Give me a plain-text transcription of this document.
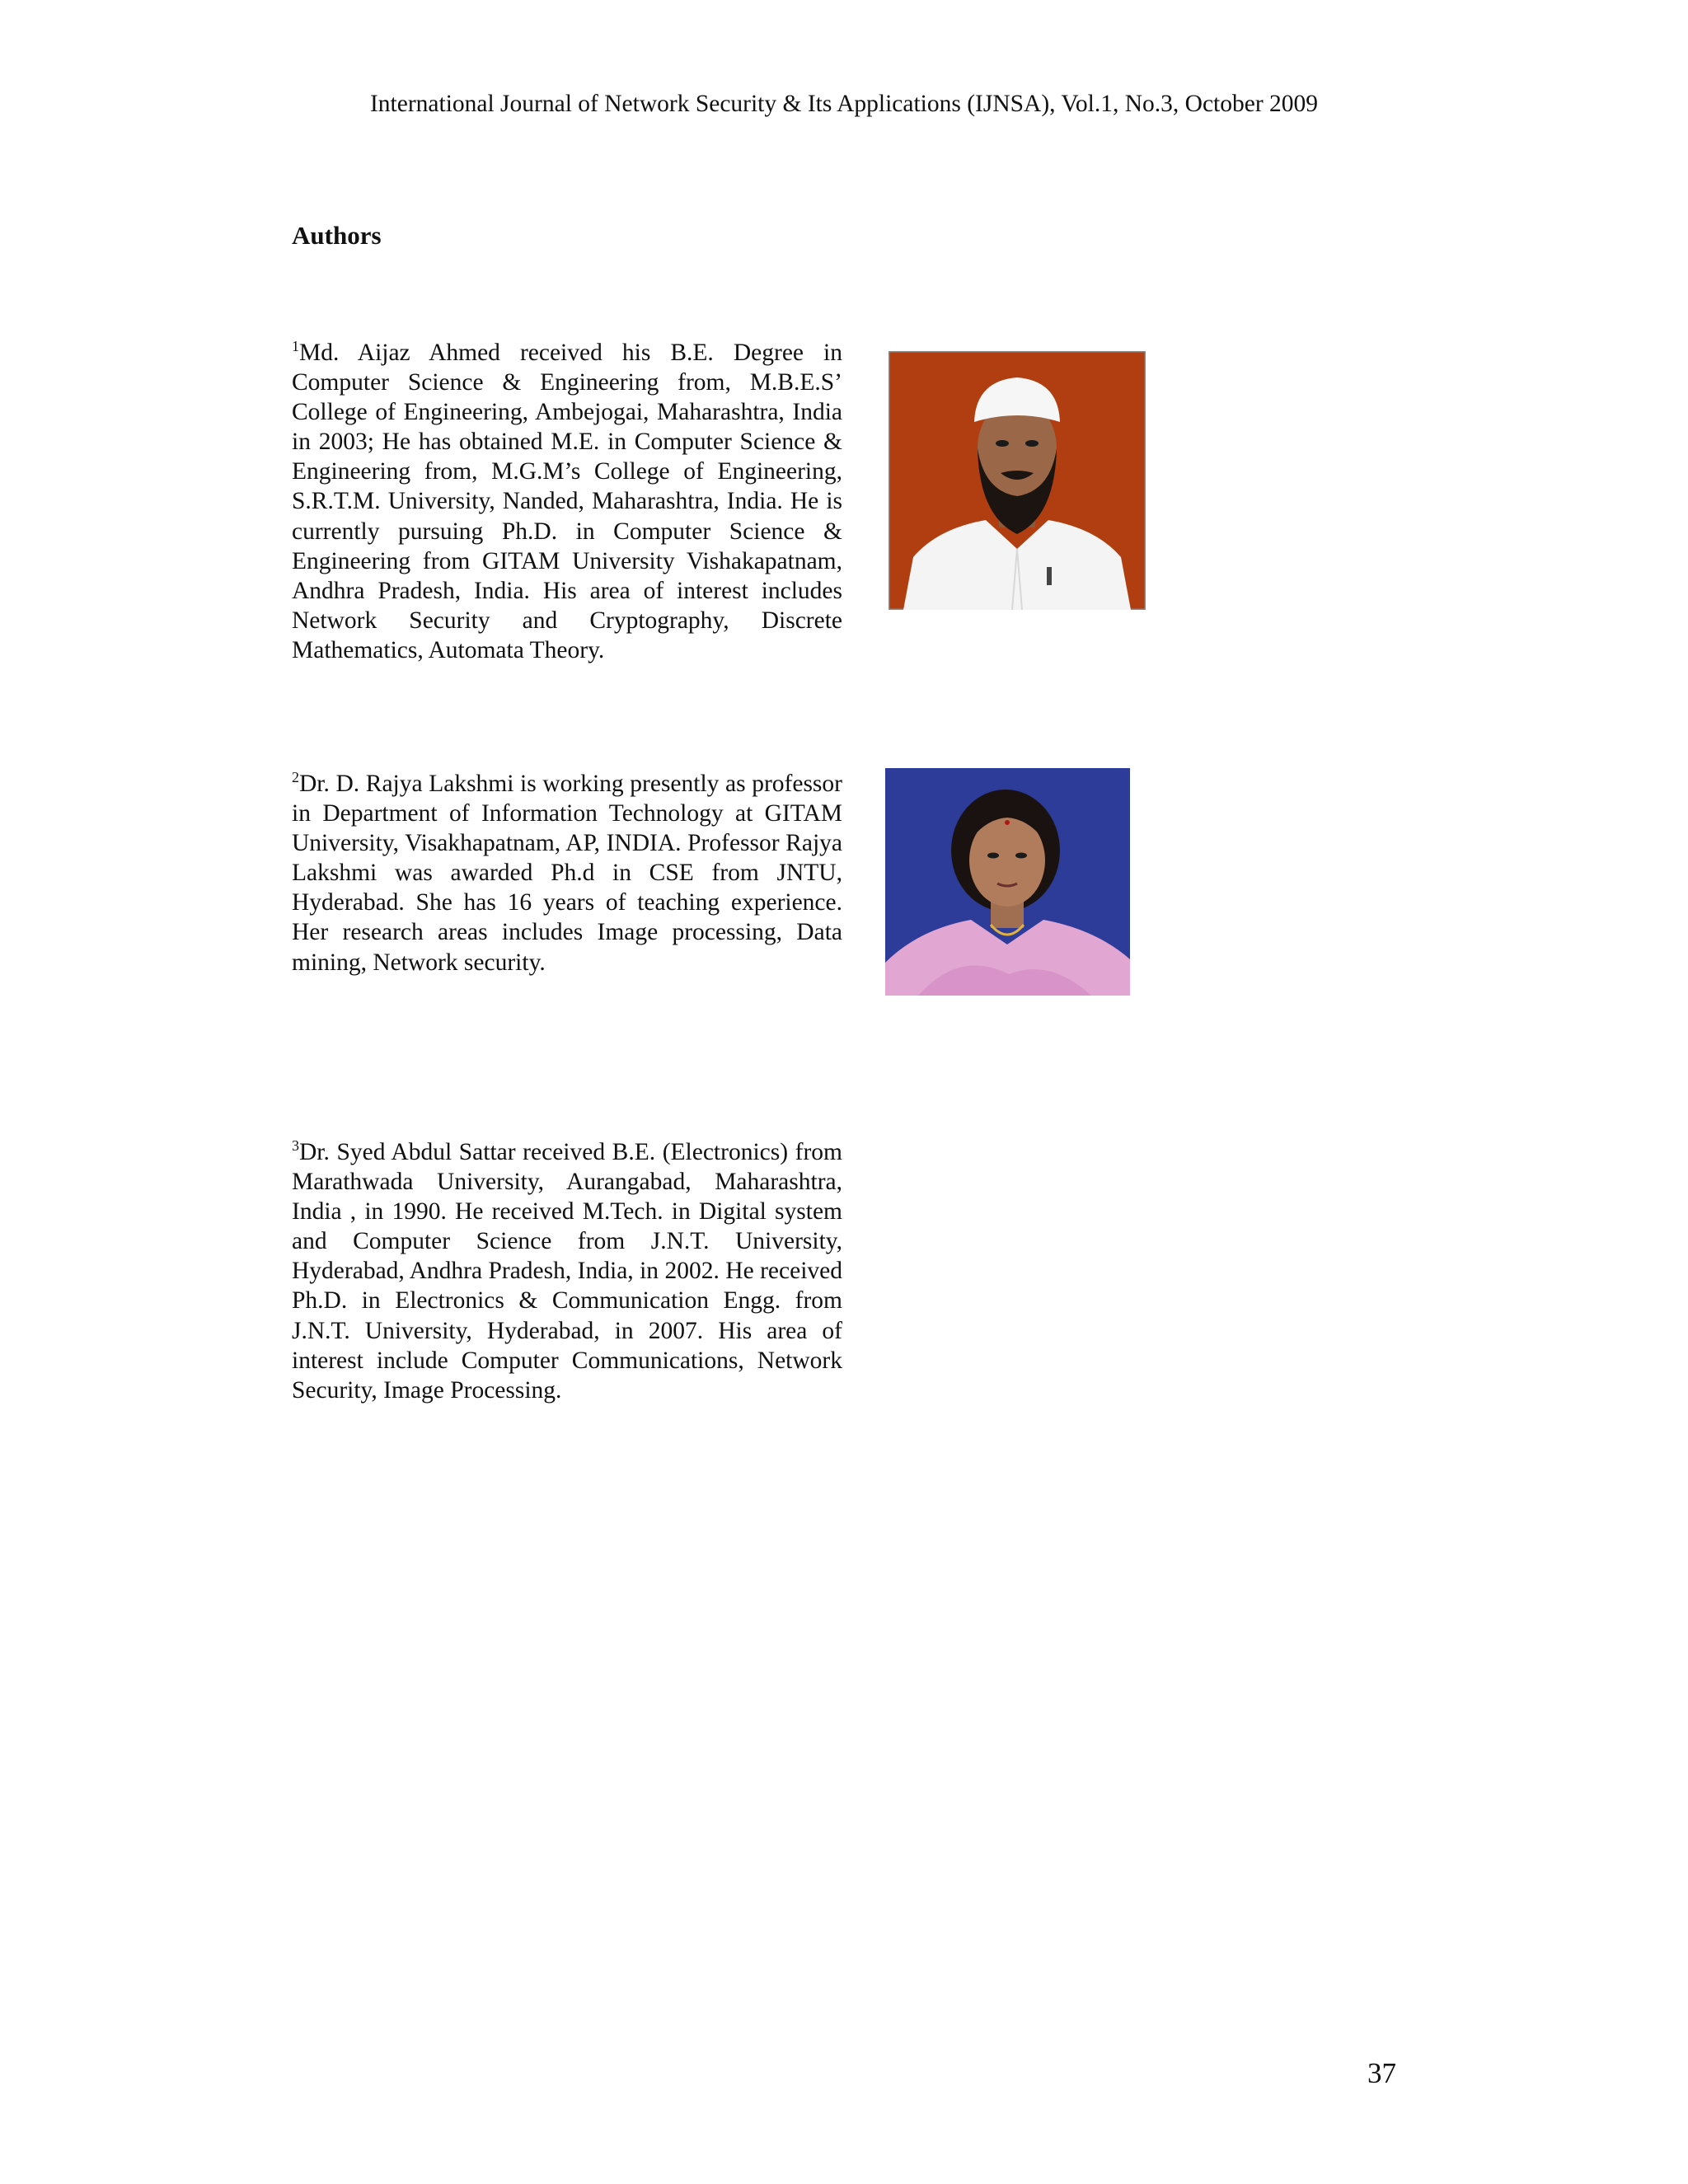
International Journal of Network Security & Its Applications (IJNSA), Vol.1, No.3, October 2009

Authors

$^1$Md. Aijaz Ahmed received his B.E. Degree in Computer Science & Engineering from, M.B.E.S’ College of Engineering, Ambejogai, Maharashtra, India in 2003; He has obtained M.E. in Computer Science & Engineering from, M.G.M’s College of Engineering, S.R.T.M. University, Nanded, Maharashtra, India. He is currently pursuing Ph.D. in Computer Science & Engineering from GITAM University Vishakapatnam, Andhra Pradesh, India. His area of interest includes Network Security and Cryptography, Discrete Mathematics, Automata Theory.

$^2$Dr. D. Rajya Lakshmi is working presently as professor in Department of Information Technology at GITAM University, Visakhapatnam, AP, INDIA. Professor Rajya Lakshmi was awarded Ph.d in CSE from JNTU, Hyderabad. She has 16 years of teaching experience. Her research areas includes Image processing, Data mining, Network security.

$^3$Dr. Syed Abdul Sattar received B.E. (Electronics) from Marathwada University, Aurangabad, Maharashtra, India , in 1990. He received M.Tech. in Digital system and Computer Science from J.N.T. University, Hyderabad, Andhra Pradesh, India, in 2002. He received Ph.D. in Electronics & Communication Engg. from J.N.T. University, Hyderabad, in 2007. His area of interest include Computer Communications, Network Security, Image Processing.

37
